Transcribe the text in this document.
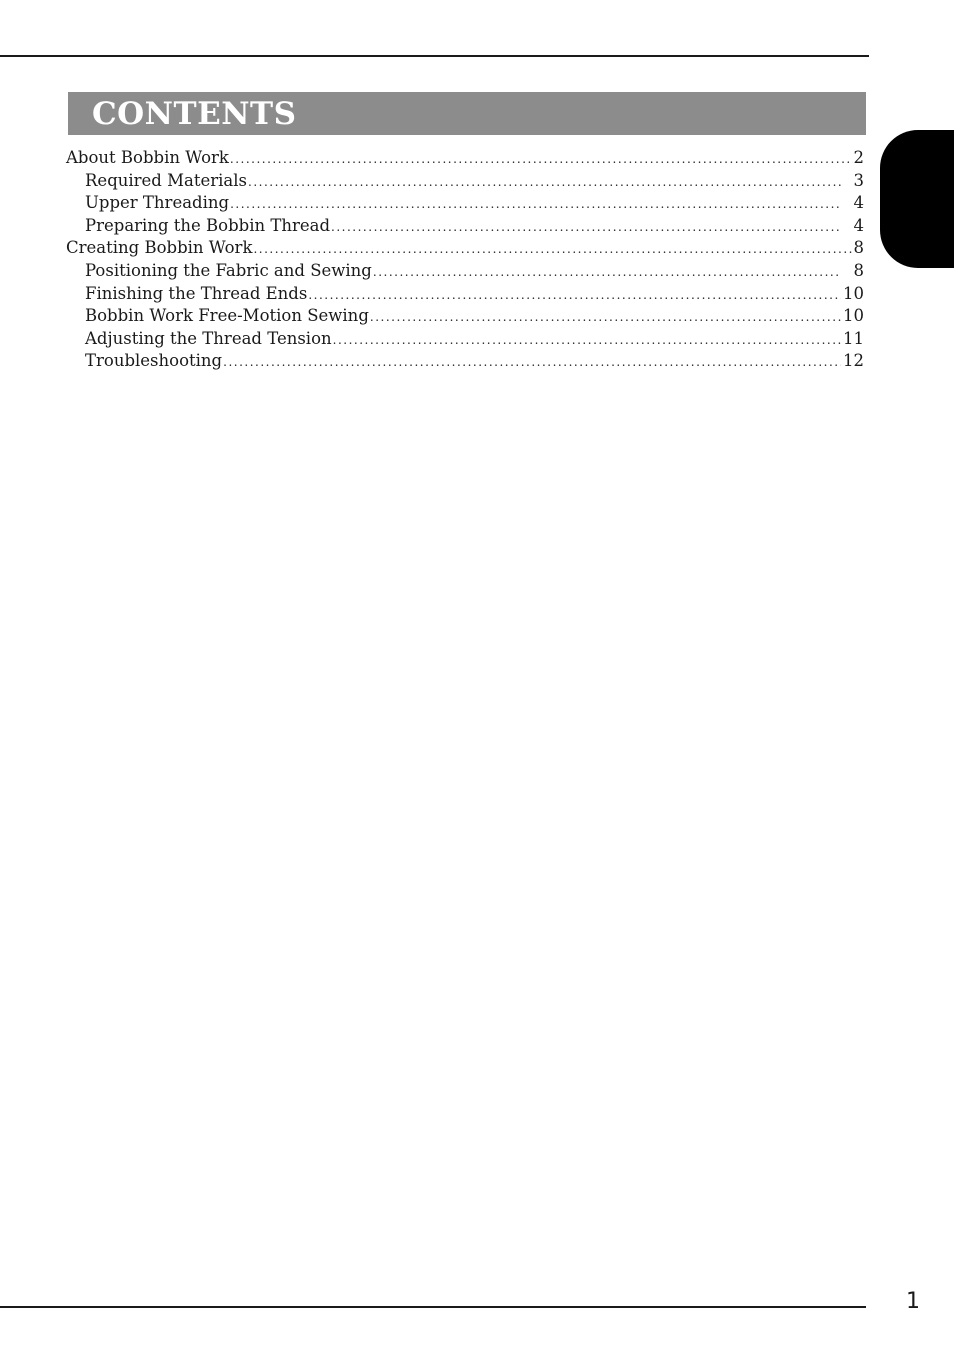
CONTENTS
About Bobbin Work .....	2
Required Materials .....	3
Upper Threading .....	4
Preparing the Bobbin Thread .....	4
Creating Bobbin Work .....	8
Positioning the Fabric and Sewing .....	8
Finishing the Thread Ends .....	10
Bobbin Work Free-Motion Sewing .....	10
Adjusting the Thread Tension .....	11
Troubleshooting .....	12
1
